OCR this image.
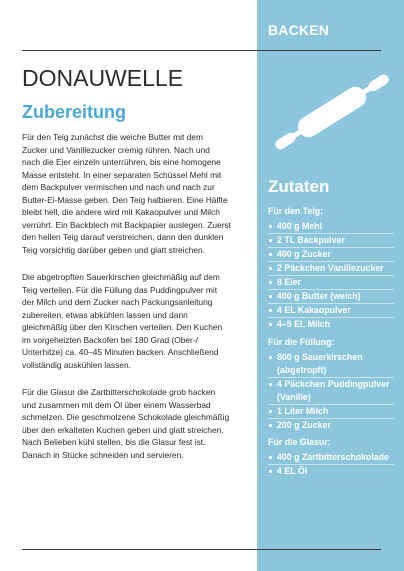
BACKEN
DONAUWELLE
Zubereitung

Für den Teig zunächst die weiche Butter mit dem
Zucker und Vanillezucker cremig rühren. Nach und
nach die Eier einzeln unterrühren, bis eine homogene
Masse entsteht. In einer separaten Schüssel Mehl mit
dem Backpulver vermischen und nach und nach zur
Butter-Ei-Masse geben. Den Teig halbieren. Eine Hälfte
bleibt hell, die andere wird mit Kakaopulver und Milch
verrührt. Ein Backblech mit Backpapier auslegen. Zuerst
den hellen Teig darauf verstreichen, dann den dunklen
Teig vorsichtig darüber geben und glatt streichen.

Die abgetropften Sauerkirschen gleichmäßig auf dem
Teig verteilen. Für die Füllung das Puddingpulver mit
der Milch und dem Zucker nach Packungsanleitung
zubereiten, etwas abkühlen lassen und dann
gleichmäßig über den Kirschen verteilen. Den Kuchen
im vorgeheizten Backofen bei 180 Grad (Ober-/
Unterhitze) ca. 40–45 Minuten backen. Anschließend
vollständig auskühlen lassen.

Für die Glasur die Zartbitterschokolade grob hacken
und zusammen mit dem Öl über einem Wasserbad
schmelzen. Die geschmolzene Schokolade gleichmäßig
über den erkalteten Kuchen geben und glatt streichen.
Nach Belieben kühl stellen, bis die Glasur fest ist.
Danach in Stücke schneiden und servieren.

Zutaten
Für den Teig:
400 g Mehl
2 TL Backpulver
400 g Zucker
2 Päckchen Vanillezucker
8 Eier
400 g Butter (weich)
4 EL Kakaopulver
4–5 EL Milch
Für die Füllung:
800 g Sauerkirschen
(abgetropft)
4 Päckchen Puddingpulver
(Vanille)
1 Liter Milch
200 g Zucker
Für die Glasur:
400 g Zartbitterschokolade
4 EL Öl
